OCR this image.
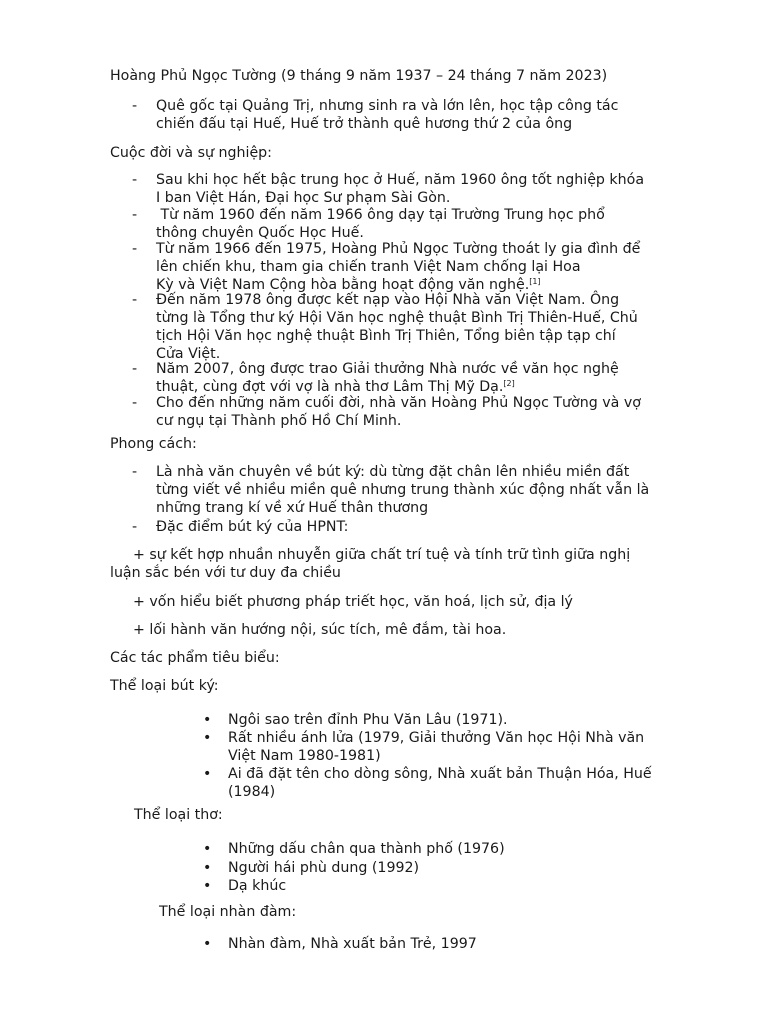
Hoàng Phủ Ngọc Tường (9 tháng 9 năm 1937 – 24 tháng 7 năm 2023)

- Quê gốc tại Quảng Trị, nhưng sinh ra và lớn lên, học tập công tác
chiến đấu tại Huế, Huế trở thành quê hương thứ 2 của ông

Cuộc đời và sự nghiệp:

- Sau khi học hết bậc trung học ở Huế, năm 1960 ông tốt nghiệp khóa
I ban Việt Hán, Đại học Sư phạm Sài Gòn.
- Từ năm 1960 đến năm 1966 ông dạy tại Trường Trung học phổ
thông chuyên Quốc Học Huế.
- Từ năm 1966 đến 1975, Hoàng Phủ Ngọc Tường thoát ly gia đình để
lên chiến khu, tham gia chiến tranh Việt Nam chống lại Hoa
Kỳ và Việt Nam Cộng hòa bằng hoạt động văn nghệ.[1]
- Đến năm 1978 ông được kết nạp vào Hội Nhà văn Việt Nam. Ông
từng là Tổng thư ký Hội Văn học nghệ thuật Bình Trị Thiên-Huế, Chủ
tịch Hội Văn học nghệ thuật Bình Trị Thiên, Tổng biên tập tạp chí
Cửa Việt.
- Năm 2007, ông được trao Giải thưởng Nhà nước về văn học nghệ
thuật, cùng đợt với vợ là nhà thơ Lâm Thị Mỹ Dạ.[2]
- Cho đến những năm cuối đời, nhà văn Hoàng Phủ Ngọc Tường và vợ
cư ngụ tại Thành phố Hồ Chí Minh.

Phong cách:

- Là nhà văn chuyên về bút ký: dù từng đặt chân lên nhiều miền đất
từng viết về nhiều miền quê nhưng trung thành xúc động nhất vẫn là
những trang kí về xứ Huế thân thương
- Đặc điểm bút ký của HPNT:
+ sự kết hợp nhuần nhuyễn giữa chất trí tuệ và tính trữ tình giữa nghị
luận sắc bén với tư duy đa chiều

+ vốn hiểu biết phương pháp triết học, văn hoá, lịch sử, địa lý

+ lối hành văn hướng nội, súc tích, mê đắm, tài hoa.

Các tác phẩm tiêu biểu:

Thể loại bút ký:

• Ngôi sao trên đỉnh Phu Văn Lâu (1971).
• Rất nhiều ánh lửa (1979, Giải thưởng Văn học Hội Nhà văn
Việt Nam 1980-1981)
• Ai đã đặt tên cho dòng sông, Nhà xuất bản Thuận Hóa, Huế
(1984)

Thể loại thơ:

• Những dấu chân qua thành phố (1976)
• Người hái phù dung (1992)
• Dạ khúc

Thể loại nhàn đàm:

• Nhàn đàm, Nhà xuất bản Trẻ, 1997
